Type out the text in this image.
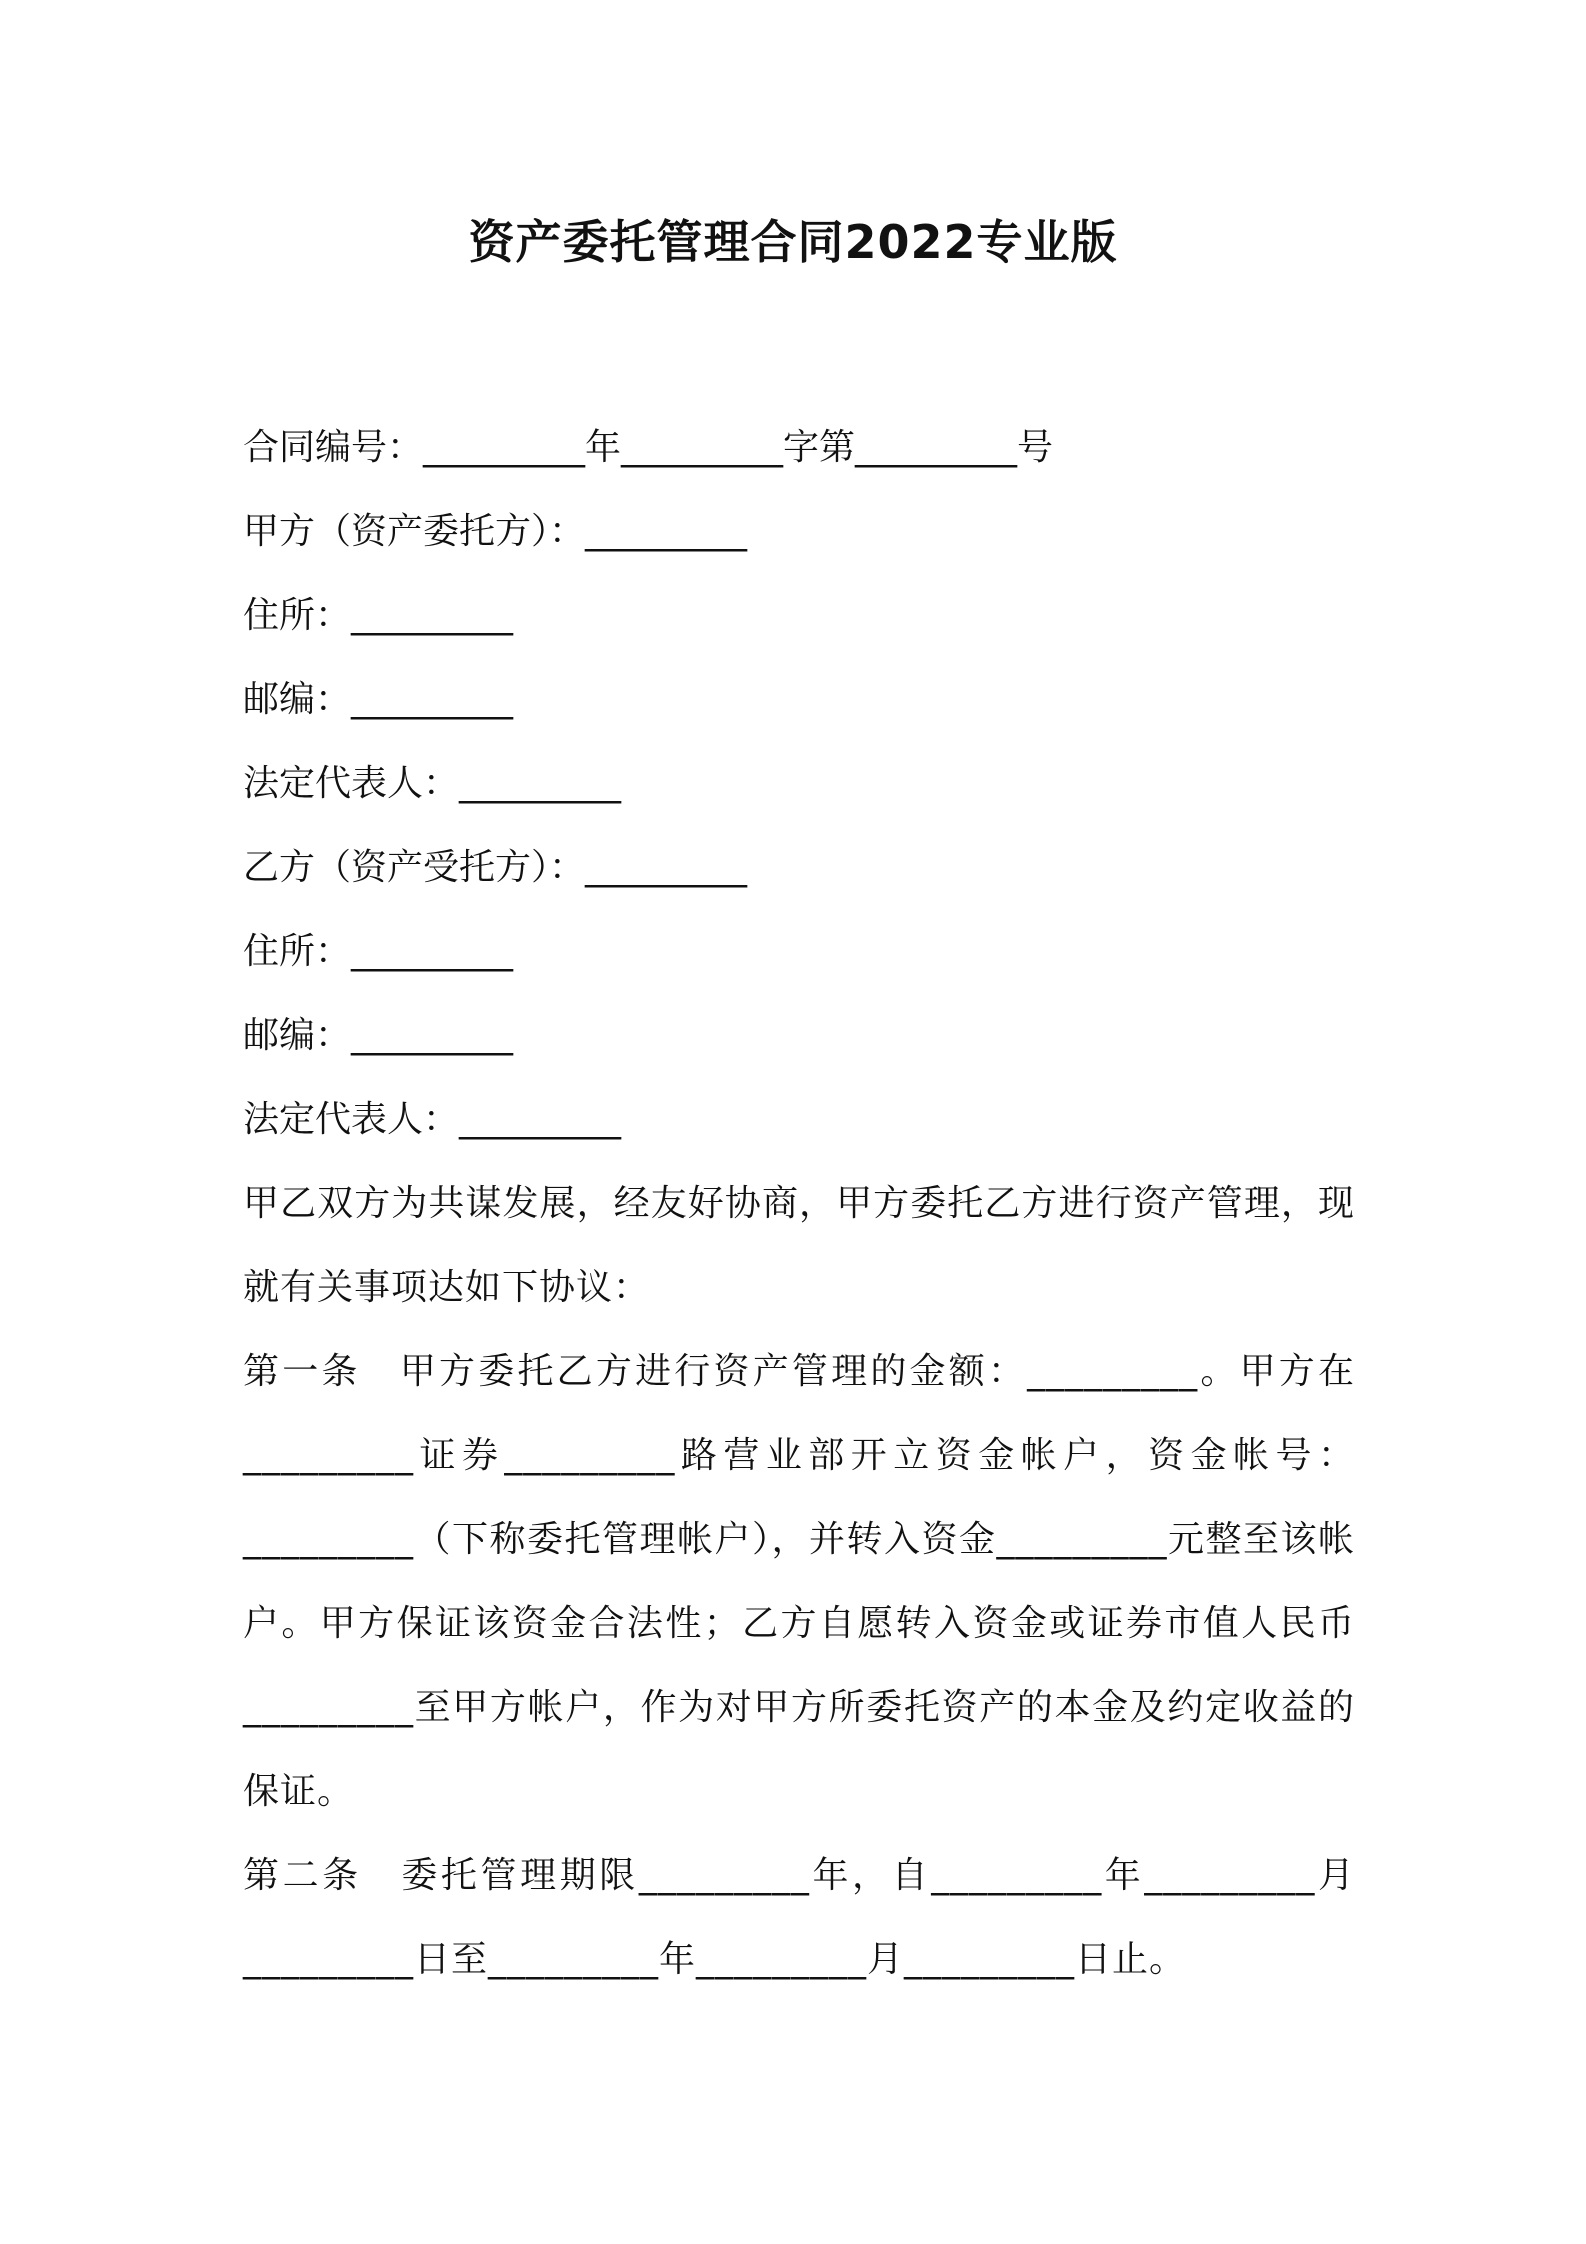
资产委托管理合同2022专业版
合同编号：_________年_________字第_________号
甲方（资产委托方）：_________
住所：_________
邮编：_________
法定代表人：_________
乙方（资产受托方）：_________
住所：_________
邮编：_________
法定代表人：_________

甲乙双方为共谋发展，经友好协商，甲方委托乙方进行资产管理，现就有关事项达如下协议：

第一条　甲方委托乙方进行资产管理的金额：_________。甲方在_________证券_________路营业部开立资金帐户，资金帐号：_________（下称委托管理帐户），并转入资金_________元整至该帐户。甲方保证该资金合法性；乙方自愿转入资金或证券市值人民币_________至甲方帐户，作为对甲方所委托资产的本金及约定收益的保证。

第二条　委托管理期限_________年，自_________年_________月_________日至_________年_________月_________日止。
